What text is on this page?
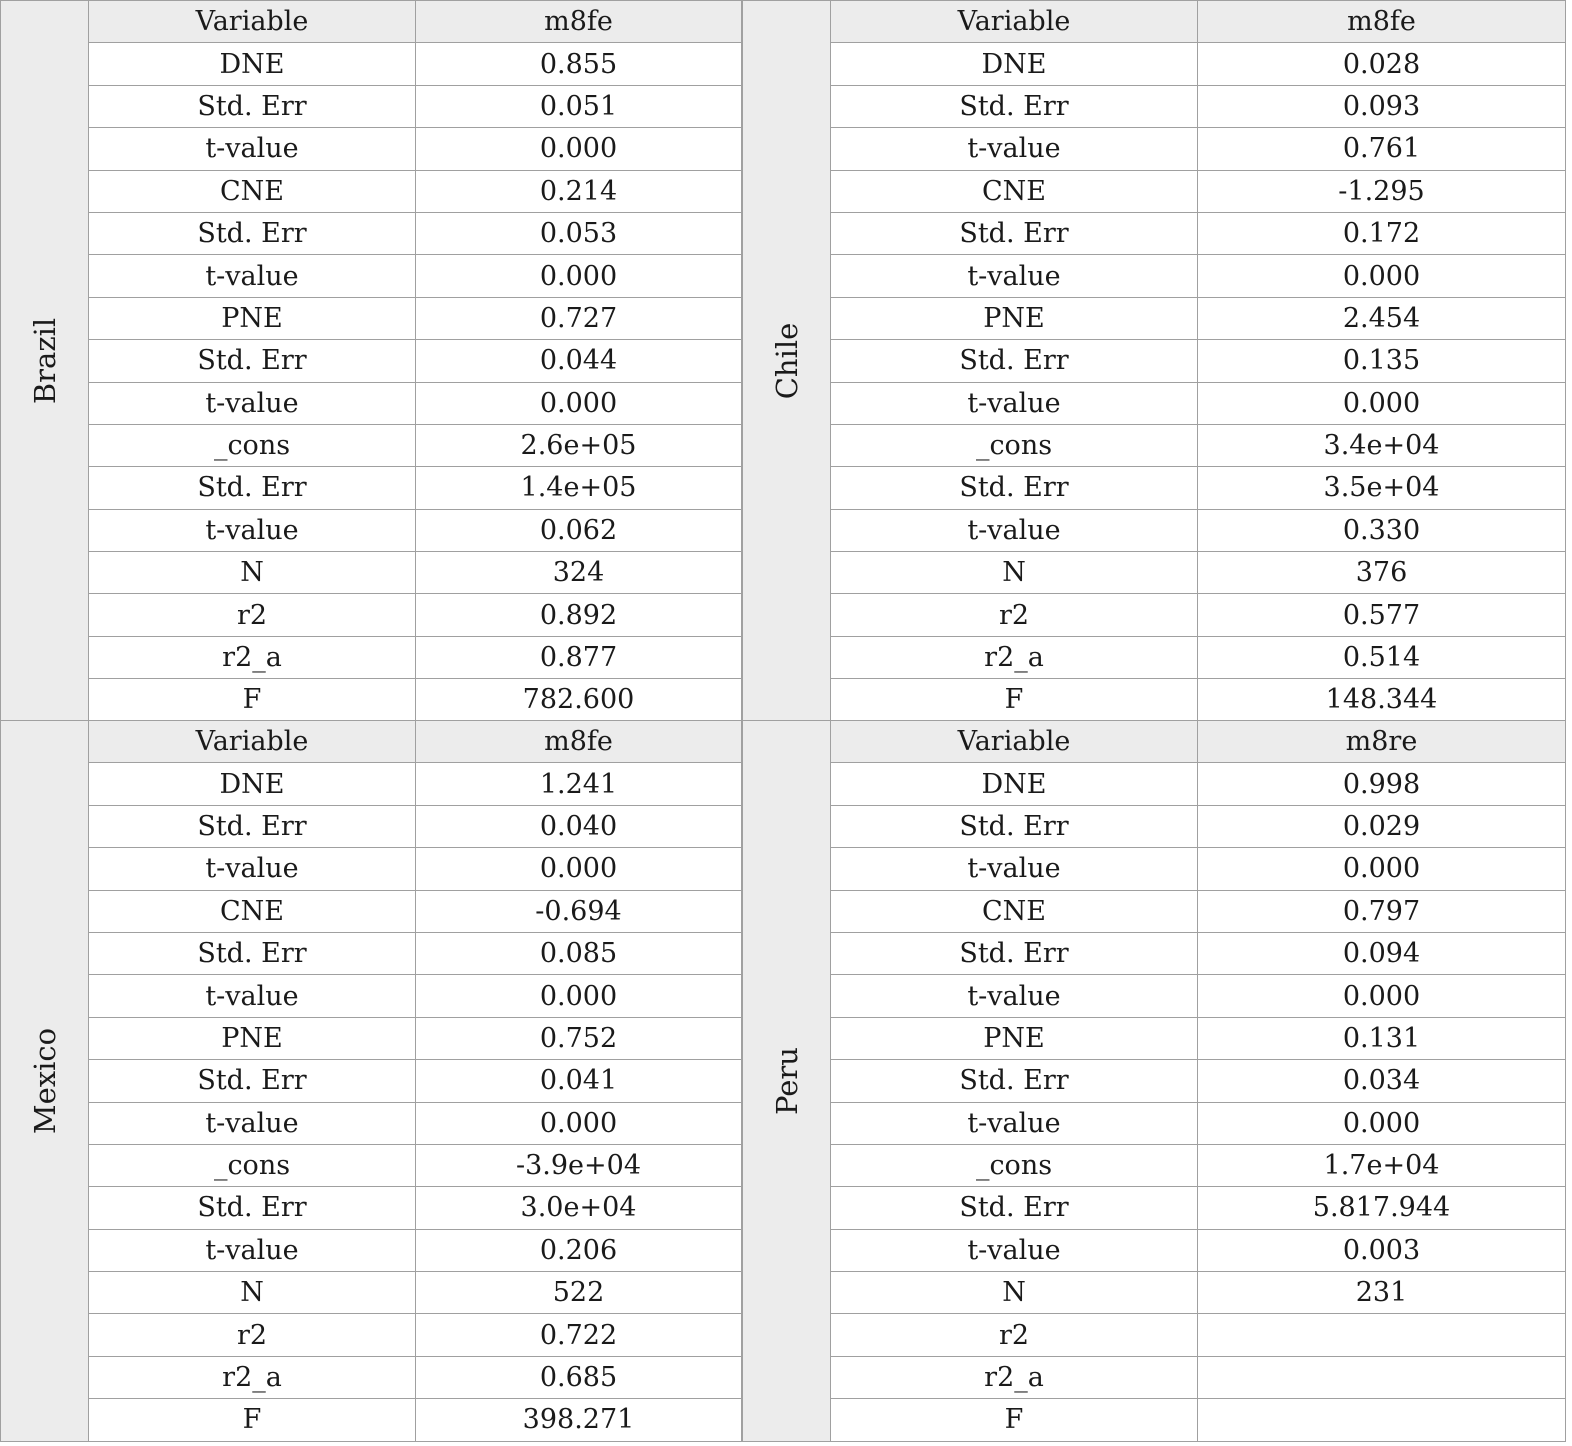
Brazil
Variable	m8fe
DNE	0.855
Std. Err	0.051
t-value	0.000
CNE	0.214
Std. Err	0.053
t-value	0.000
PNE	0.727
Std. Err	0.044
t-value	0.000
_cons	2.6e+05
Std. Err	1.4e+05
t-value	0.062
N	324
r2	0.892
r2_a	0.877
F	782.600
Chile
Variable	m8fe
DNE	0.028
Std. Err	0.093
t-value	0.761
CNE	-1.295
Std. Err	0.172
t-value	0.000
PNE	2.454
Std. Err	0.135
t-value	0.000
_cons	3.4e+04
Std. Err	3.5e+04
t-value	0.330
N	376
r2	0.577
r2_a	0.514
F	148.344
Mexico
Variable	m8fe
DNE	1.241
Std. Err	0.040
t-value	0.000
CNE	-0.694
Std. Err	0.085
t-value	0.000
PNE	0.752
Std. Err	0.041
t-value	0.000
_cons	-3.9e+04
Std. Err	3.0e+04
t-value	0.206
N	522
r2	0.722
r2_a	0.685
F	398.271
Peru
Variable	m8re
DNE	0.998
Std. Err	0.029
t-value	0.000
CNE	0.797
Std. Err	0.094
t-value	0.000
PNE	0.131
Std. Err	0.034
t-value	0.000
_cons	1.7e+04
Std. Err	5.817.944
t-value	0.003
N	231
r2	
r2_a	
F	
